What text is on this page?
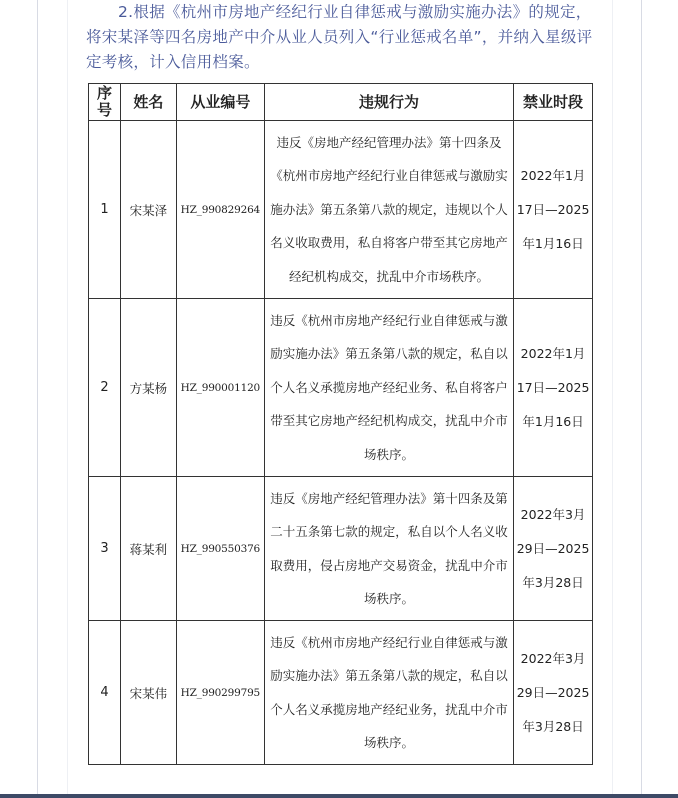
2.根据《杭州市房地产经纪行业自律惩戒与激励实施办法》的规定，将宋某泽等四名房地产中介从业人员列入“行业惩戒名单”，并纳入星级评定考核，计入信用档案。

序号	姓名	从业编号	违规行为	禁业时段
1	宋某泽	HZ_990829264	违反《房地产经纪管理办法》第十四条及《杭州市房地产经纪行业自律惩戒与激励实施办法》第五条第八款的规定，违规以个人名义收取费用，私自将客户带至其它房地产经纪机构成交，扰乱中介市场秩序。	2022年1月17日—2025年1月16日
2	方某杨	HZ_990001120	违反《杭州市房地产经纪行业自律惩戒与激励实施办法》第五条第八款的规定，私自以个人名义承揽房地产经纪业务、私自将客户带至其它房地产经纪机构成交，扰乱中介市场秩序。	2022年1月17日—2025年1月16日
3	蒋某利	HZ_990550376	违反《房地产经纪管理办法》第十四条及第二十五条第七款的规定，私自以个人名义收取费用，侵占房地产交易资金，扰乱中介市场秩序。	2022年3月29日—2025年3月28日
4	宋某伟	HZ_990299795	违反《杭州市房地产经纪行业自律惩戒与激励实施办法》第五条第八款的规定，私自以个人名义承揽房地产经纪业务，扰乱中介市场秩序。	2022年3月29日—2025年3月28日
